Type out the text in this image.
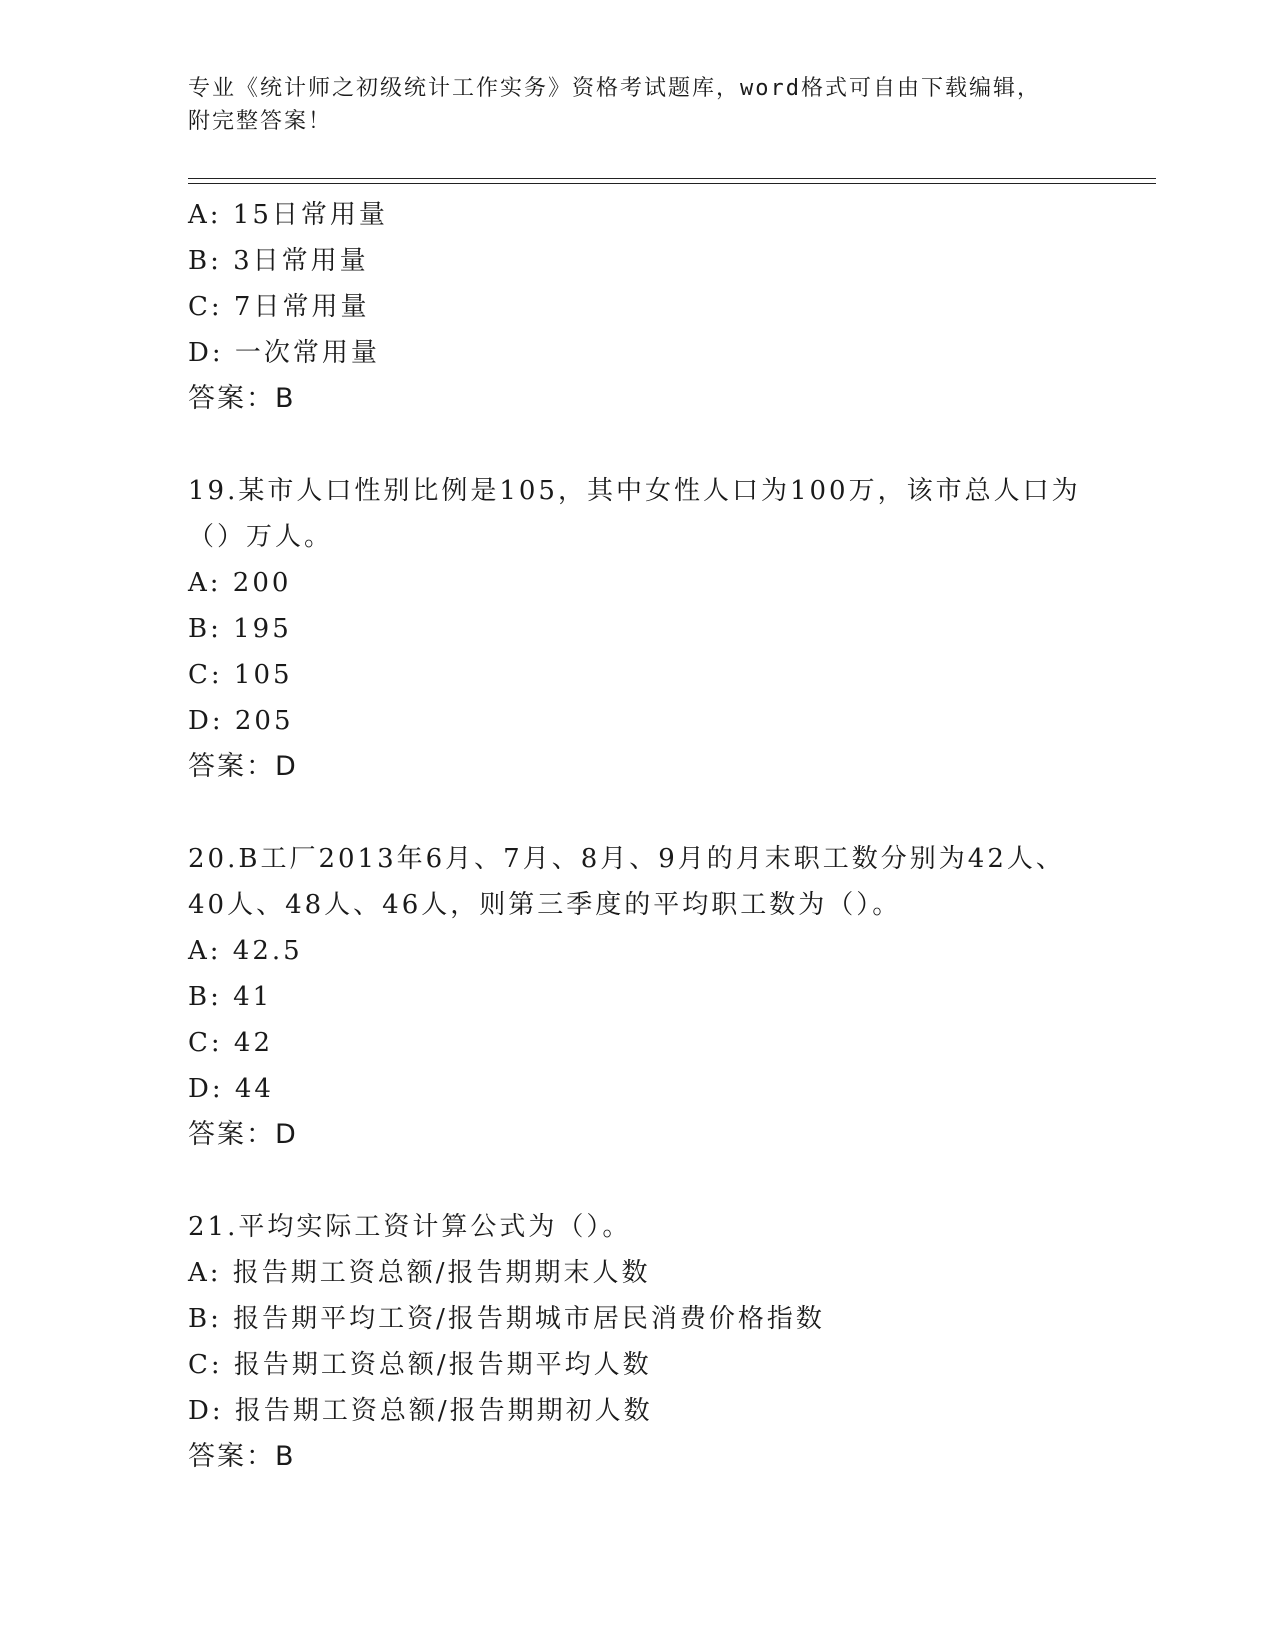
专业《统计师之初级统计工作实务》资格考试题库，word格式可自由下载编辑，
附完整答案！
A: 15日常用量
B: 3日常用量
C: 7日常用量
D: 一次常用量
答案：B
19.某市人口性别比例是105，其中女性人口为100万，该市总人口为
（）万人。
A: 200
B: 195
C: 105
D: 205
答案：D
20.B工厂2013年6月、7月、8月、9月的月末职工数分别为42人、
40人、48人、46人，则第三季度的平均职工数为（）。
A: 42.5
B: 41
C: 42
D: 44
答案：D
21.平均实际工资计算公式为（）。
A: 报告期工资总额/报告期期末人数
B: 报告期平均工资/报告期城市居民消费价格指数
C: 报告期工资总额/报告期平均人数
D: 报告期工资总额/报告期期初人数
答案：B
